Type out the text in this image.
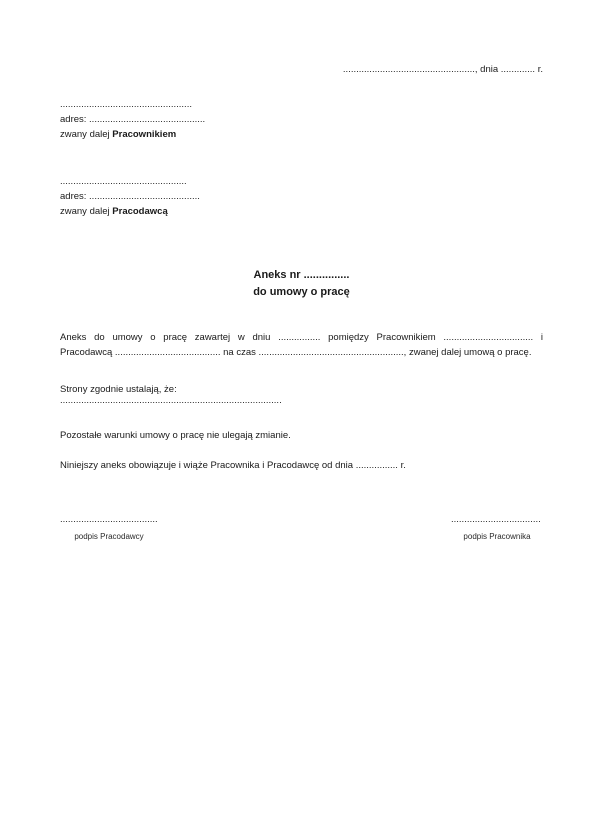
.................................................., dnia ............. r.
..................................................
adres: ............................................
zwany dalej Pracownikiem
................................................
adres: ..........................................
zwany dalej Pracodawcą
Aneks nr ...............
do umowy o pracę
Aneks do umowy o pracę zawartej w dniu ................ pomiędzy Pracownikiem .................................. i
Pracodawcą ........................................ na czas ......................................................., zwanej dalej umową o pracę.
Strony zgodnie ustalają, że:
....................................................................................
Pozostałe warunki umowy o pracę nie ulegają zmianie.
Niniejszy aneks obowiązuje i wiąże Pracownika i Pracodawcę od dnia ................ r.
.....................................
podpis Pracodawcy
..................................
podpis Pracownika
